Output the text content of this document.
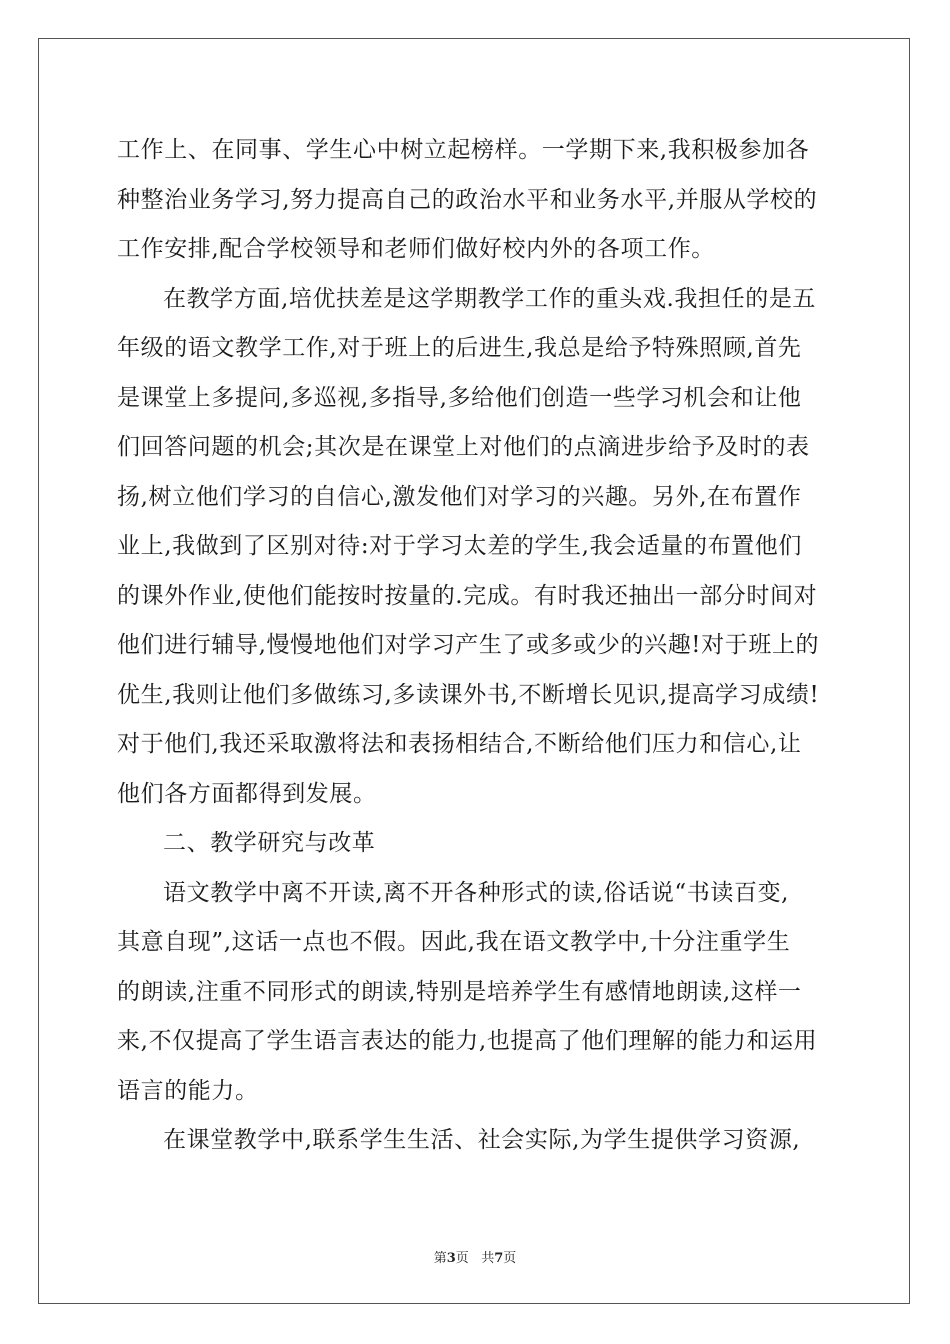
工作上、在同事、学生心中树立起榜样。一学期下来,我积极参加各
种整治业务学习,努力提高自己的政治水平和业务水平,并服从学校的
工作安排,配合学校领导和老师们做好校内外的各项工作。
在教学方面,培优扶差是这学期教学工作的重头戏.我担任的是五
年级的语文教学工作,对于班上的后进生,我总是给予特殊照顾,首先
是课堂上多提问,多巡视,多指导,多给他们创造一些学习机会和让他
们回答问题的机会;其次是在课堂上对他们的点滴进步给予及时的表
扬,树立他们学习的自信心,激发他们对学习的兴趣。另外,在布置作
业上,我做到了区别对待:对于学习太差的学生,我会适量的布置他们
的课外作业,使他们能按时按量的.完成。有时我还抽出一部分时间对
他们进行辅导,慢慢地他们对学习产生了或多或少的兴趣!对于班上的
优生,我则让他们多做练习,多读课外书,不断增长见识,提高学习成绩!
对于他们,我还采取激将法和表扬相结合,不断给他们压力和信心,让
他们各方面都得到发展。
二、教学研究与改革
语文教学中离不开读,离不开各种形式的读,俗话说“书读百变,
其意自现”,这话一点也不假。因此,我在语文教学中,十分注重学生
的朗读,注重不同形式的朗读,特别是培养学生有感情地朗读,这样一
来,不仅提高了学生语言表达的能力,也提高了他们理解的能力和运用
语言的能力。
在课堂教学中,联系学生生活、社会实际,为学生提供学习资源,
第3页 共7页
